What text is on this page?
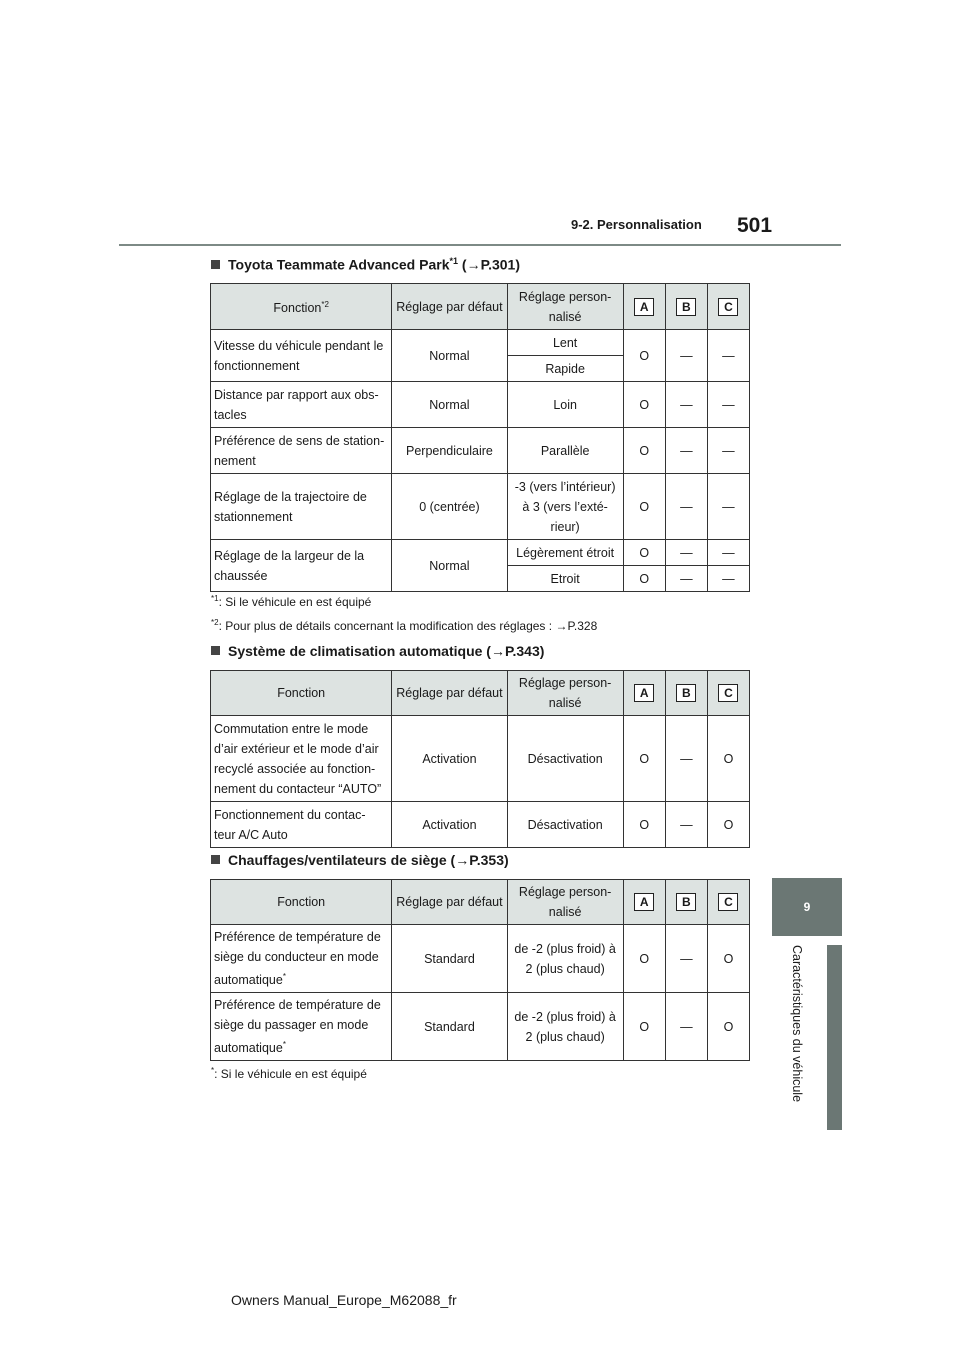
9-2. Personnalisation 501
9
Caractéristiques du véhicule
Toyota Teammate Advanced Park$^{*1}$ (→P.301)
Fonction$^{*2}$	Réglage par défaut	Réglage person- nalisé	A	B	C
Vitesse du véhicule pendant le fonctionnement	Normal	Lent	O	—	—
		Rapide			
Distance par rapport aux obs- tacles	Normal	Loin	O	—	—
Préférence de sens de station- nement	Perpendiculaire	Parallèle	O	—	—
Réglage de la trajectoire de stationnement	0 (centrée)	-3 (vers l’intérieur) à 3 (vers l’exté- rieur)	O	—	—
Réglage de la largeur de la chaussée	Normal	Légèrement étroit	O	—	—
		Etroit	O	—	—
$^{*1}$: Si le véhicule en est équipé
$^{*2}$: Pour plus de détails concernant la modification des réglages : →P.328
Système de climatisation automatique (→P.343)
Fonction	Réglage par défaut	Réglage person- nalisé	A	B	C
Commutation entre le mode d’air extérieur et le mode d’air recyclé associée au fonction- nement du contacteur “AUTO”	Activation	Désactivation	O	—	O
Fonctionnement du contac- teur A/C Auto	Activation	Désactivation	O	—	O
Chauffages/ventilateurs de siège (→P.353)
Fonction	Réglage par défaut	Réglage person- nalisé	A	B	C
Préférence de température de siège du conducteur en mode automatique*	Standard	de -2 (plus froid) à 2 (plus chaud)	O	—	O
Préférence de température de siège du passager en mode automatique*	Standard	de -2 (plus froid) à 2 (plus chaud)	O	—	O
*: Si le véhicule en est équipé
Owners Manual_Europe_M62088_fr
